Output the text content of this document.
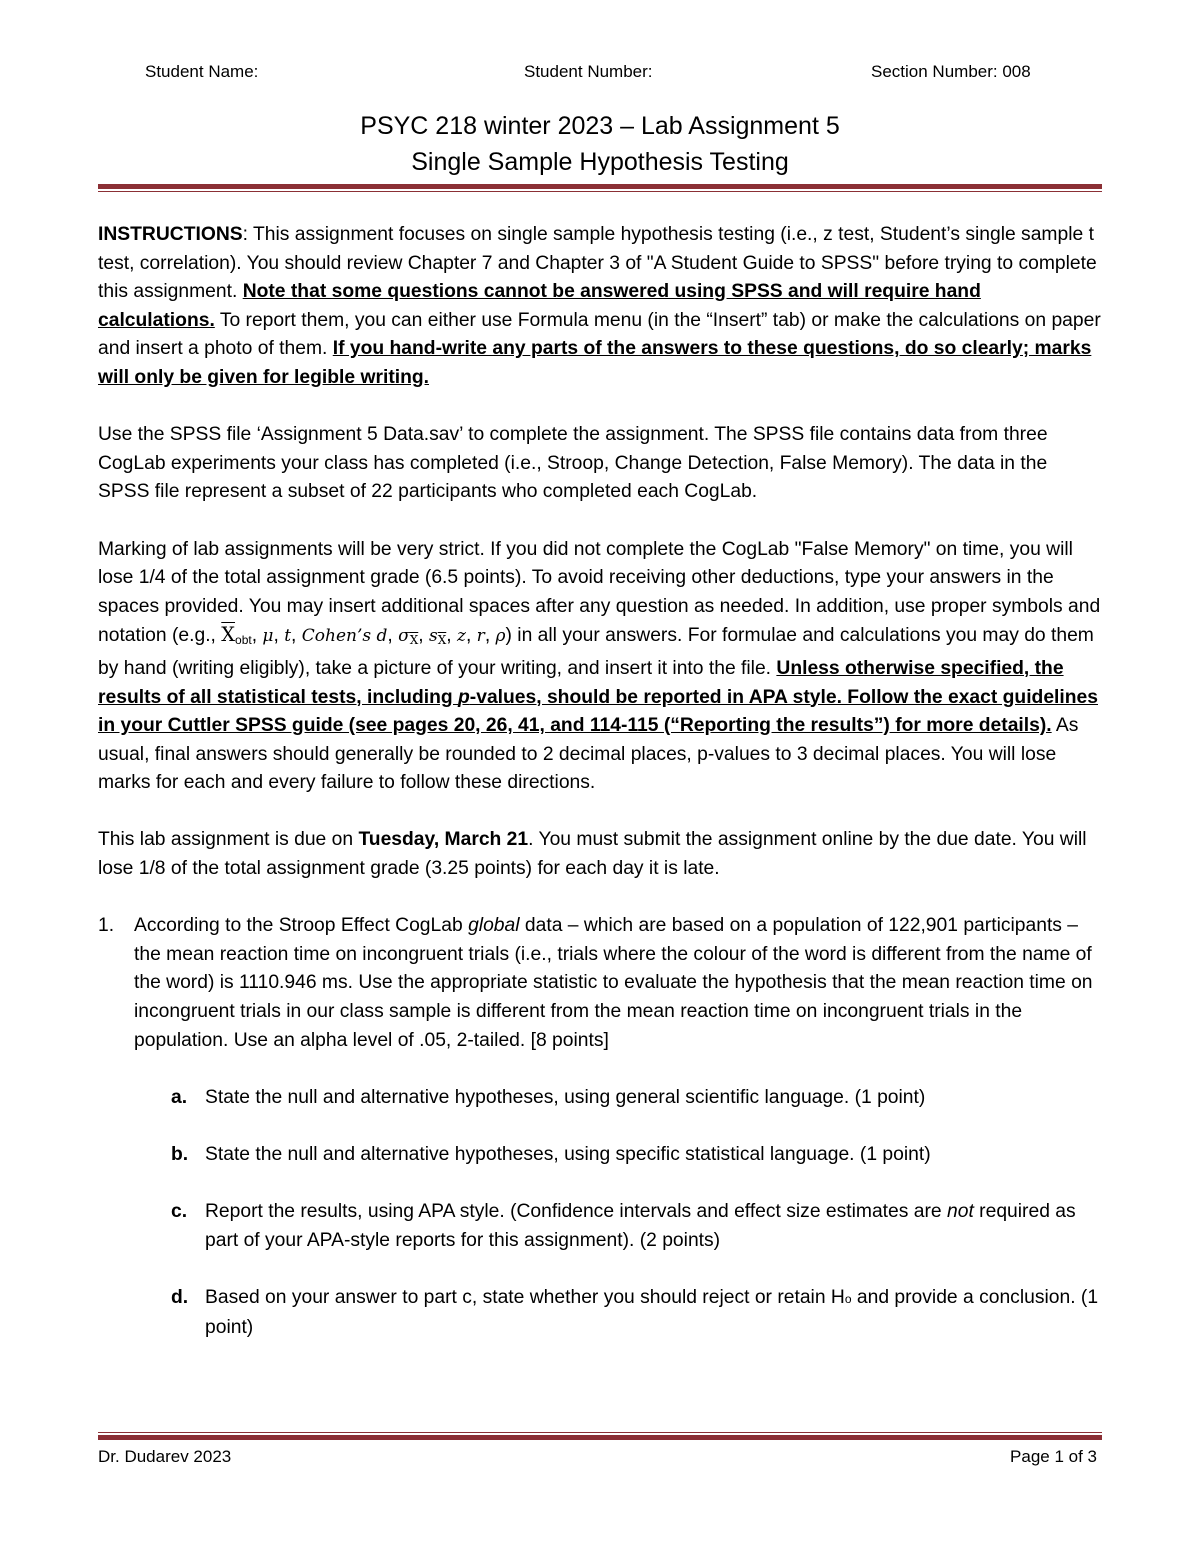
Student Name:	Student Number:	Section Number: 008
PSYC 218 winter 2023 – Lab Assignment 5
Single Sample Hypothesis Testing

INSTRUCTIONS: This assignment focuses on single sample hypothesis testing (i.e., z test, Student’s single sample t test, correlation). You should review Chapter 7 and Chapter 3 of "A Student Guide to SPSS" before trying to complete this assignment. Note that some questions cannot be answered using SPSS and will require hand calculations. To report them, you can either use Formula menu (in the “Insert” tab) or make the calculations on paper and insert a photo of them. If you hand-write any parts of the answers to these questions, do so clearly; marks will only be given for legible writing.

Use the SPSS file ‘Assignment 5 Data.sav’ to complete the assignment. The SPSS file contains data from three CogLab experiments your class has completed (i.e., Stroop, Change Detection, False Memory). The data in the SPSS file represent a subset of 22 participants who completed each CogLab.

Marking of lab assignments will be very strict. If you did not complete the CogLab "False Memory" on time, you will lose 1/4 of the total assignment grade (6.5 points). To avoid receiving other deductions, type your answers in the spaces provided. You may insert additional spaces after any question as needed. In addition, use proper symbols and notation (e.g., $\overline{X}_{obt}$, μ, t, Cohen’s d, $\sigma_{\overline{X}}$, $s_{\overline{X}}$, z, r, ρ) in all your answers. For formulae and calculations you may do them by hand (writing eligibly), take a picture of your writing, and insert it into the file. Unless otherwise specified, the results of all statistical tests, including p-values, should be reported in APA style. Follow the exact guidelines in your Cuttler SPSS guide (see pages 20, 26, 41, and 114-115 (“Reporting the results”) for more details). As usual, final answers should generally be rounded to 2 decimal places, p-values to 3 decimal places. You will lose marks for each and every failure to follow these directions.

This lab assignment is due on Tuesday, March 21. You must submit the assignment online by the due date. You will lose 1/8 of the total assignment grade (3.25 points) for each day it is late.

1. According to the Stroop Effect CogLab global data – which are based on a population of 122,901 participants – the mean reaction time on incongruent trials (i.e., trials where the colour of the word is different from the name of the word) is 1110.946 ms. Use the appropriate statistic to evaluate the hypothesis that the mean reaction time on incongruent trials in our class sample is different from the mean reaction time on incongruent trials in the population. Use an alpha level of .05, 2-tailed. [8 points]
a. State the null and alternative hypotheses, using general scientific language. (1 point)
b. State the null and alternative hypotheses, using specific statistical language. (1 point)
c. Report the results, using APA style. (Confidence intervals and effect size estimates are not required as part of your APA-style reports for this assignment). (2 points)
d. Based on your answer to part c, state whether you should reject or retain Ho and provide a conclusion. (1 point)
Dr. Dudarev 2023	Page 1 of 3
